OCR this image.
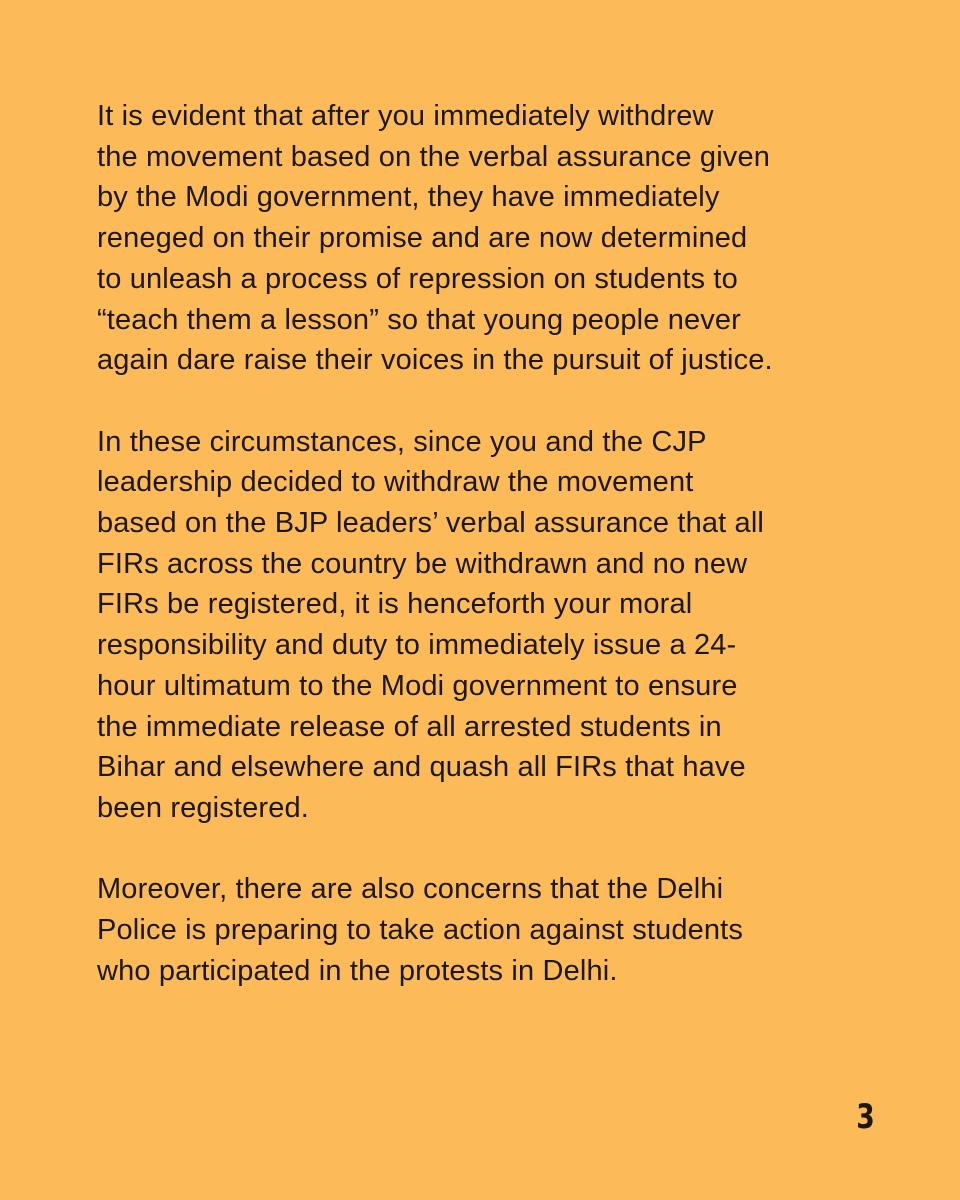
It is evident that after you immediately withdrew
the movement based on the verbal assurance given
by the Modi government, they have immediately
reneged on their promise and are now determined
to unleash a process of repression on students to
“teach them a lesson” so that young people never
again dare raise their voices in the pursuit of justice.

In these circumstances, since you and the CJP
leadership decided to withdraw the movement
based on the BJP leaders’ verbal assurance that all
FIRs across the country be withdrawn and no new
FIRs be registered, it is henceforth your moral
responsibility and duty to immediately issue a 24-
hour ultimatum to the Modi government to ensure
the immediate release of all arrested students in
Bihar and elsewhere and quash all FIRs that have
been registered.

Moreover, there are also concerns that the Delhi
Police is preparing to take action against students
who participated in the protests in Delhi.

3
